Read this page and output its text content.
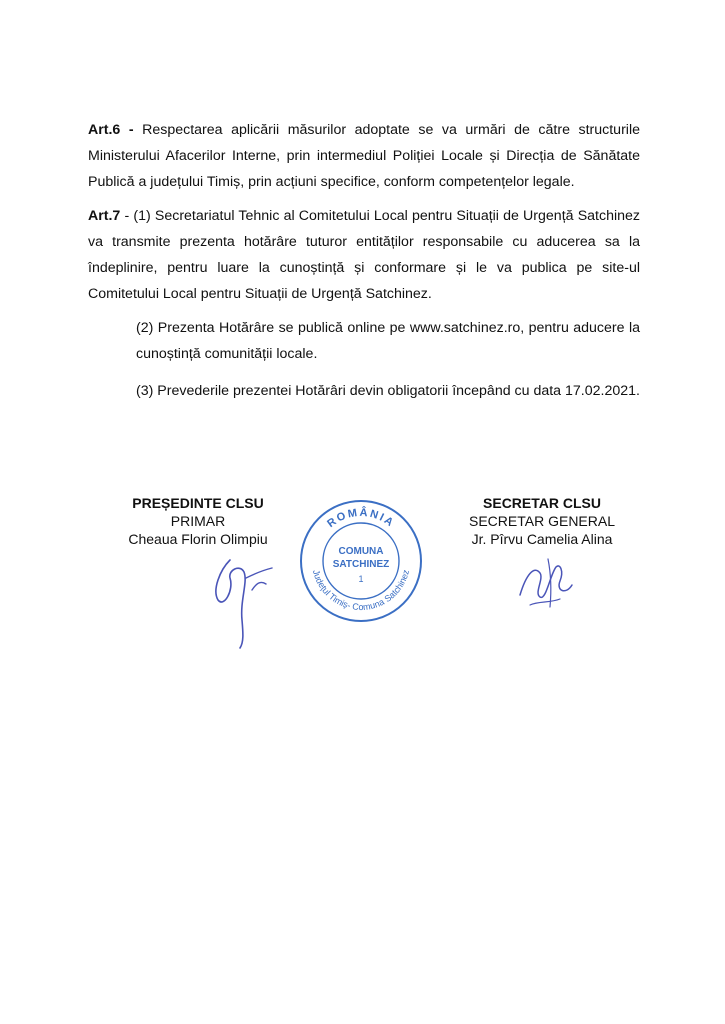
Art.6 - Respectarea aplicării măsurilor adoptate se va urmări de către structurile Ministerului Afacerilor Interne, prin intermediul Poliției Locale și Direcția de Sănătate Publică a județului Timiș, prin acțiuni specifice, conform competențelor legale.

Art.7 - (1) Secretariatul Tehnic al Comitetului Local pentru Situații de Urgență Satchinez va transmite prezenta hotărâre tuturor entităților responsabile cu aducerea sa la îndeplinire, pentru luare la cunoștință și conformare și le va publica pe site-ul Comitetului Local pentru Situații de Urgență Satchinez.

(2) Prezenta Hotărâre se publică online pe www.satchinez.ro, pentru aducere la cunoștință comunității locale.

(3) Prevederile prezentei Hotărâri devin obligatorii începând cu data 17.02.2021.

PREȘEDINTE CLSU
PRIMAR
Cheaua Florin Olimpiu
SECRETAR CLSU
SECRETAR GENERAL
Jr. Pîrvu Camelia Alina
ROMÂNIA
Județul Timiș- Comuna Satchinez
COMUNA
SATCHINEZ
1
